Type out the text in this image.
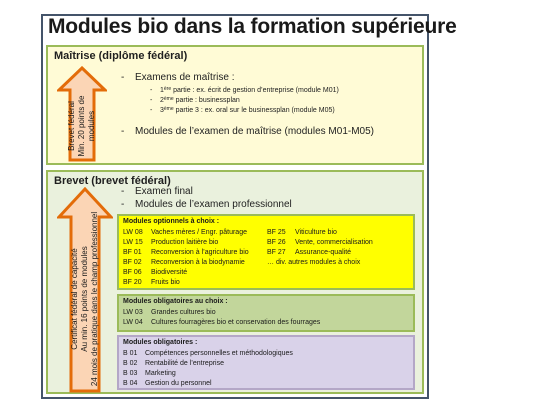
Modules bio dans la formation supérieure
Maîtrise (diplôme fédéral)
Brevet fédéral Min. 20 points de modules
- Examens de maîtrise :
- 1ère partie : ex. écrit de gestion d’entreprise (module M01)
- 2ème partie : businessplan
- 3ème partie 3 : ex. oral sur le businessplan (module M05)
- Modules de l’examen de maîtrise (modules M01-M05)
Brevet (brevet fédéral)
Certificat fédéral de capacité Au min. 16 points de modules 24 mois de pratique dans le champ professionnel
- Examen final
- Modules de l’examen professionnel
Modules optionnels à choix :
LW 08 Vaches mères / Engr. pâturage
LW 15 Production laitière bio
BF 01 Reconversion à l’agriculture bio
BF 02 Reconversion à la biodynamie
BF 06 Biodiversité
BF 20 Fruits bio
BF 25 Viticulture bio
BF 26 Vente, commercialisation
BF 27 Assurance-qualité
… div. autres modules à choix
Modules obligatoires au choix :
LW 03 Grandes cultures bio
LW 04 Cultures fourragères bio et conservation des fourrages
Modules obligatoires :
B 01 Compétences personnelles et méthodologiques
B 02 Rentabilité de l’entreprise
B 03 Marketing
B 04 Gestion du personnel
